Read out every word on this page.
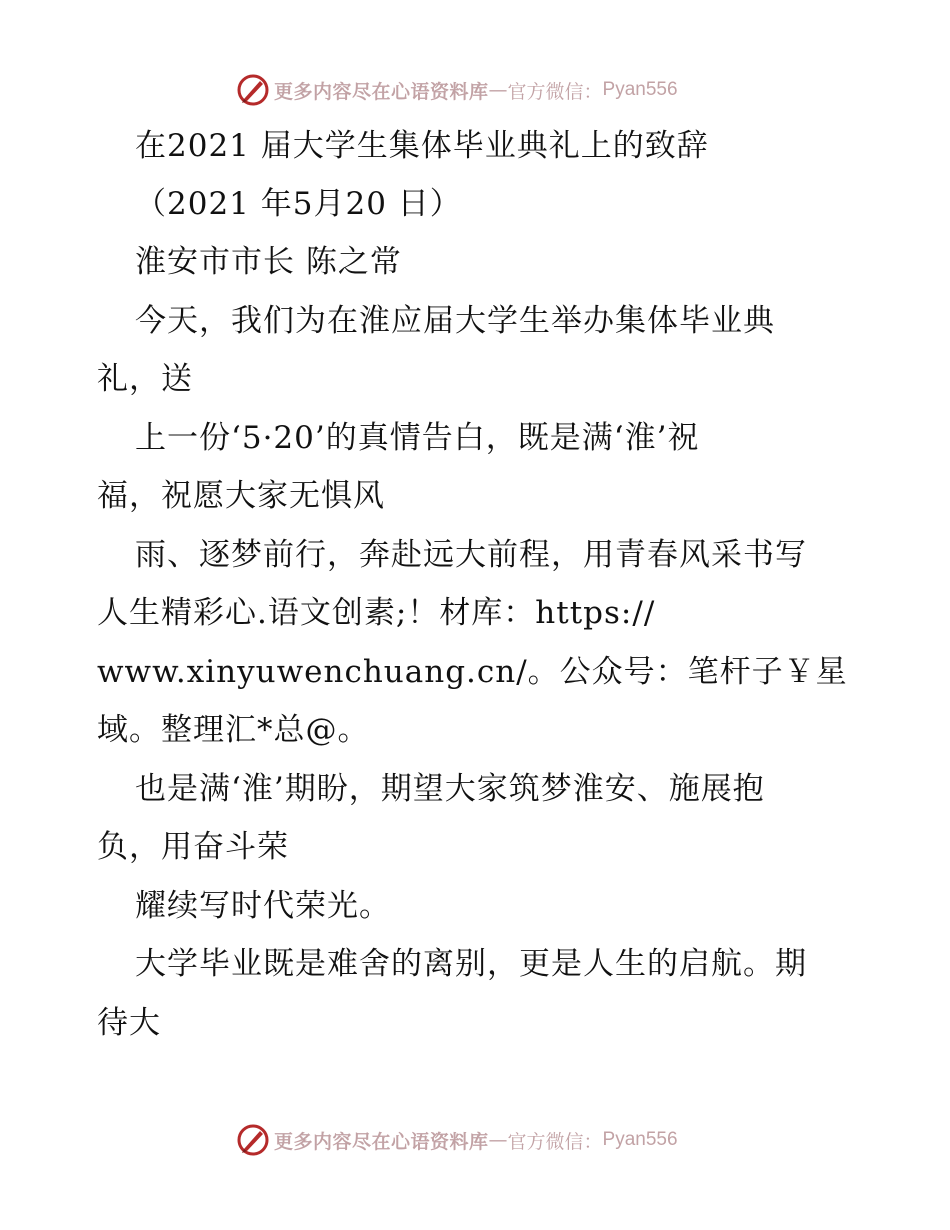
更多内容尽在心语资料库 — 官方微信： Pyan556
在2021 届大学生集体毕业典礼上的致辞
（2021 年5月20 日）
淮安市市长 陈之常
今天，我们为在淮应届大学生举办集体毕业典
礼，送
上一份‘5·20’的真情告白，既是满‘淮’祝
福，祝愿大家无惧风
雨、逐梦前行，奔赴远大前程，用青春风采书写
人生精彩心.语文创素;！材库：https://
www.xinyuwenchuang.cn/。公众号：笔杆子￥星
域。整理汇*总@。
也是满‘淮’期盼，期望大家筑梦淮安、施展抱
负，用奋斗荣
耀续写时代荣光。
大学毕业既是难舍的离别，更是人生的启航。期
待大
更多内容尽在心语资料库 — 官方微信： Pyan556
